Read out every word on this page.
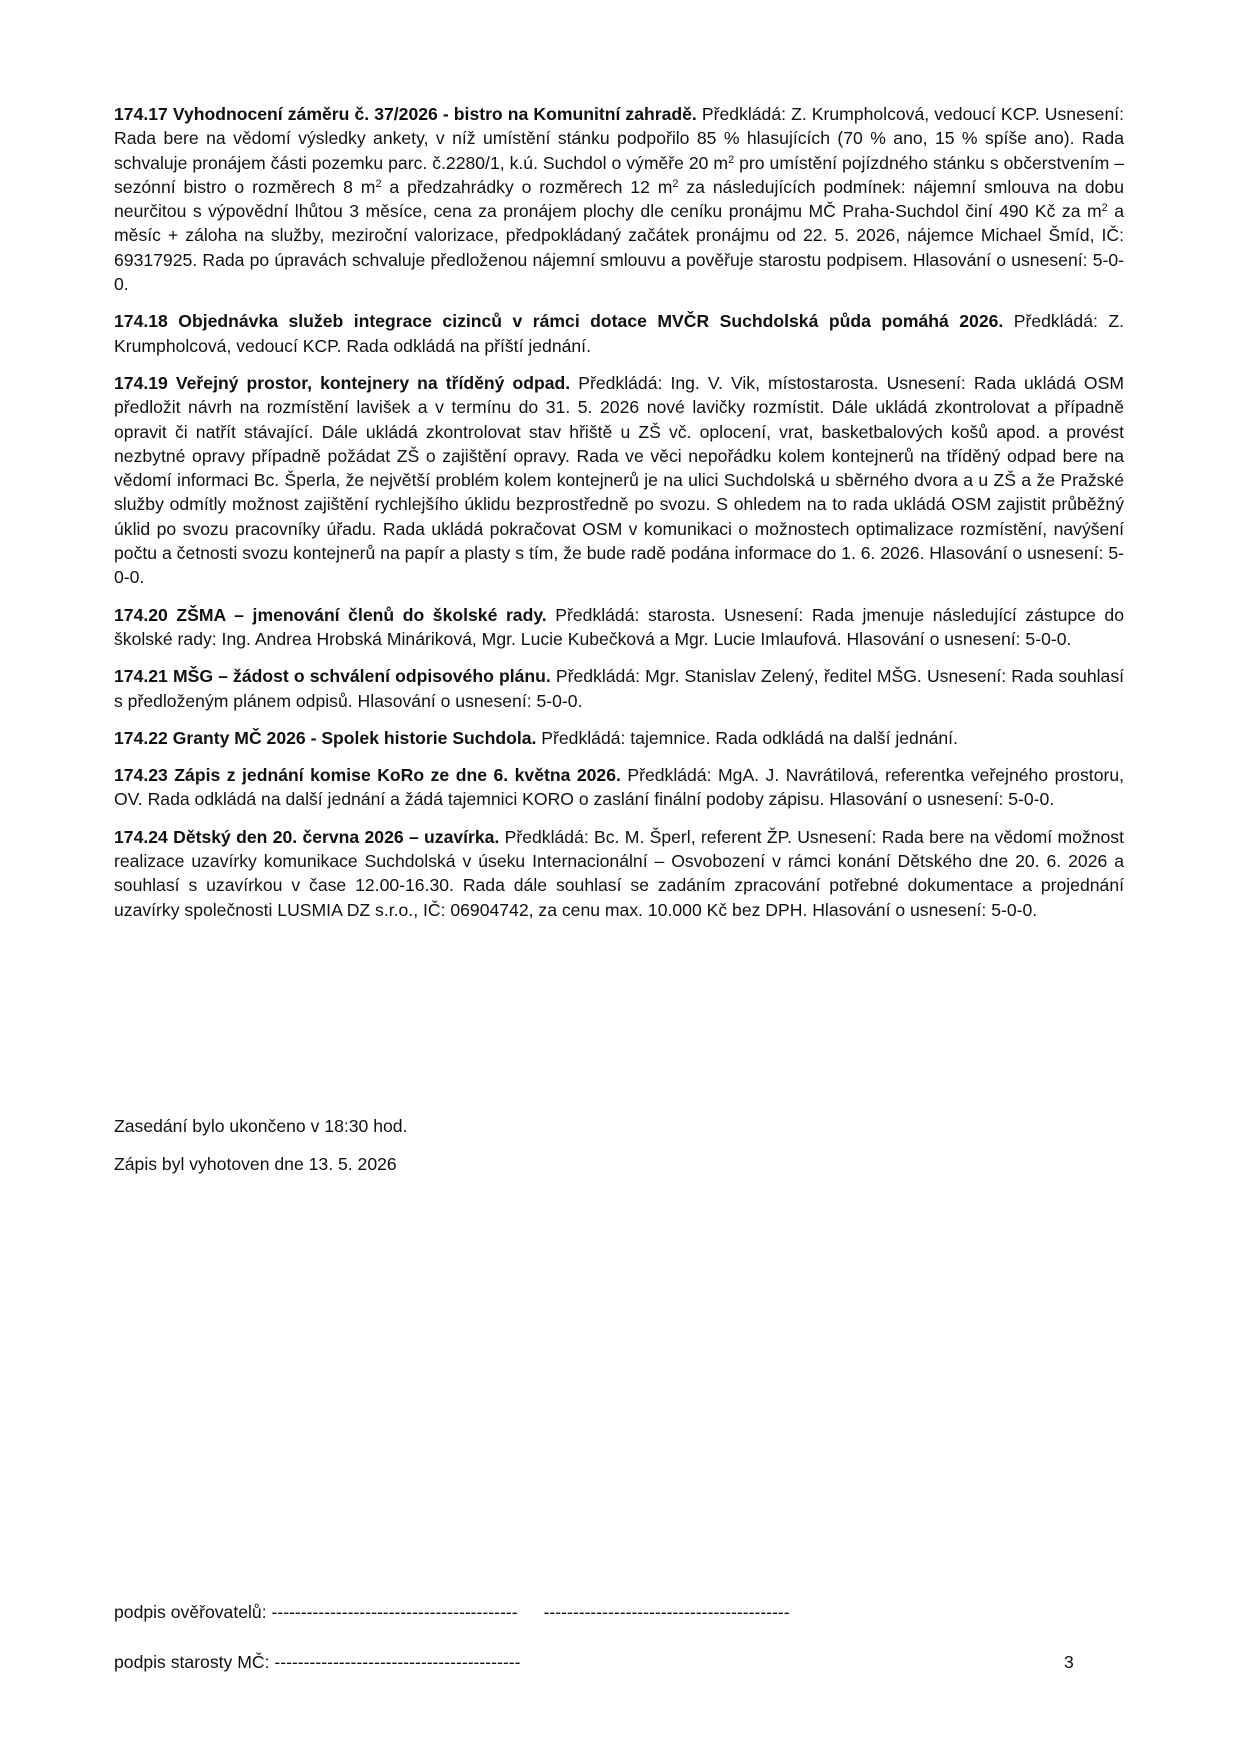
174.17 Vyhodnocení záměru č. 37/2026 - bistro na Komunitní zahradě. Předkládá: Z. Krumpholcová, vedoucí KCP. Usnesení: Rada bere na vědomí výsledky ankety, v níž umístění stánku podpořilo 85 % hlasujících (70 % ano, 15 % spíše ano). Rada schvaluje pronájem části pozemku parc. č.2280/1, k.ú. Suchdol o výměře 20 $m^2$ pro umístění pojízdného stánku s občerstvením – sezónní bistro o rozměrech 8 $m^2$ a předzahrádky o rozměrech 12 $m^2$ za následujících podmínek: nájemní smlouva na dobu neurčitou s výpovědní lhůtou 3 měsíce, cena za pronájem plochy dle ceníku pronájmu MČ Praha-Suchdol činí 490 Kč za $m^2$ a měsíc + záloha na služby, meziroční valorizace, předpokládaný začátek pronájmu od 22. 5. 2026, nájemce Michael Šmíd, IČ: 69317925. Rada po úpravách schvaluje předloženou nájemní smlouvu a pověřuje starostu podpisem. Hlasování o usnesení: 5-0-0.

174.18 Objednávka služeb integrace cizinců v rámci dotace MVČR Suchdolská půda pomáhá 2026. Předkládá: Z. Krumpholcová, vedoucí KCP. Rada odkládá na příští jednání.

174.19 Veřejný prostor, kontejnery na tříděný odpad. Předkládá: Ing. V. Vik, místostarosta. Usnesení: Rada ukládá OSM předložit návrh na rozmístění lavišek a v termínu do 31. 5. 2026 nové lavičky rozmístit. Dále ukládá zkontrolovat a případně opravit či natřít stávající. Dále ukládá zkontrolovat stav hřiště u ZŠ vč. oplocení, vrat, basketbalových košů apod. a provést nezbytné opravy případně požádat ZŠ o zajištění opravy. Rada ve věci nepořádku kolem kontejnerů na tříděný odpad bere na vědomí informaci Bc. Šperla, že největší problém kolem kontejnerů je na ulici Suchdolská u sběrného dvora a u ZŠ a že Pražské služby odmítly možnost zajištění rychlejšího úklidu bezprostředně po svozu. S ohledem na to rada ukládá OSM zajistit průběžný úklid po svozu pracovníky úřadu. Rada ukládá pokračovat OSM v komunikaci o možnostech optimalizace rozmístění, navýšení počtu a četnosti svozu kontejnerů na papír a plasty s tím, že bude radě podána informace do 1. 6. 2026. Hlasování o usnesení: 5-0-0.

174.20 ZŠMA – jmenování členů do školské rady. Předkládá: starosta. Usnesení: Rada jmenuje následující zástupce do školské rady: Ing. Andrea Hrobská Mináriková, Mgr. Lucie Kubečková a Mgr. Lucie Imlaufová. Hlasování o usnesení: 5-0-0.

174.21 MŠG – žádost o schválení odpisového plánu. Předkládá: Mgr. Stanislav Zelený, ředitel MŠG. Usnesení: Rada souhlasí s předloženým plánem odpisů. Hlasování o usnesení: 5-0-0.

174.22 Granty MČ 2026 - Spolek historie Suchdola. Předkládá: tajemnice. Rada odkládá na další jednání.

174.23 Zápis z jednání komise KoRo ze dne 6. května 2026. Předkládá: MgA. J. Navrátilová, referentka veřejného prostoru, OV. Rada odkládá na další jednání a žádá tajemnici KORO o zaslání finální podoby zápisu. Hlasování o usnesení: 5-0-0.

174.24 Dětský den 20. června 2026 – uzavírka. Předkládá: Bc. M. Šperl, referent ŽP. Usnesení: Rada bere na vědomí možnost realizace uzavírky komunikace Suchdolská v úseku Internacionální – Osvobození v rámci konání Dětského dne 20. 6. 2026 a souhlasí s uzavírkou v čase 12.00-16.30. Rada dále souhlasí se zadáním zpracování potřebné dokumentace a projednání uzavírky společnosti LUSMIA DZ s.r.o., IČ: 06904742, za cenu max. 10.000 Kč bez DPH. Hlasování o usnesení: 5-0-0.

Zasedání bylo ukončeno v 18:30 hod.
Zápis byl vyhotoven dne 13. 5. 2026
podpis ověřovatelů: ------------------------------------------ ------------------------------------------
podpis starosty MČ: ------------------------------------------	3
